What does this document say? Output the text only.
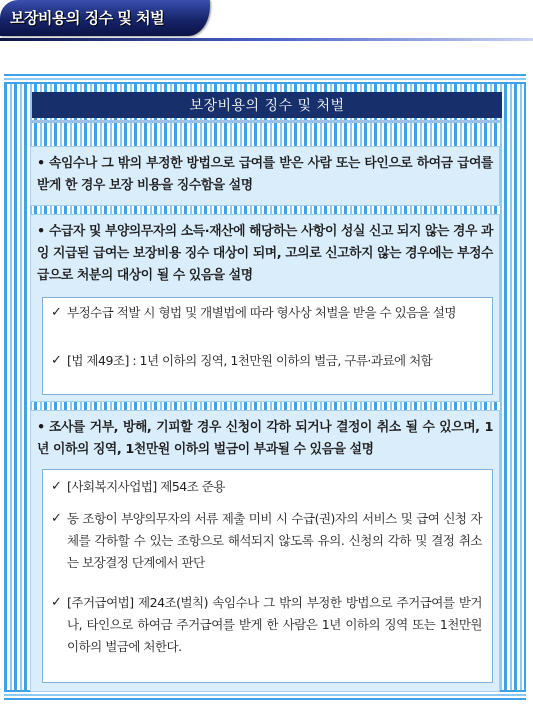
보장비용의 징수 및 처벌
보장비용의 징수 및 처벌
• 속임수나 그 밖의 부정한 방법으로 급여를 받은 사람 또는 타인으로 하여금 급여를 받게 한 경우 보장 비용을 징수함을 설명
• 수급자 및 부양의무자의 소득·재산에 해당하는 사항이 성실 신고 되지 않는 경우 과잉 지급된 급여는 보장비용 징수 대상이 되며, 고의로 신고하지 않는 경우에는 부정수급으로 처분의 대상이 될 수 있음을 설명
✓ 부정수급 적발 시 형법 및 개별법에 따라 형사상 처벌을 받을 수 있음을 설명
✓ [법 제49조] : 1년 이하의 징역, 1천만원 이하의 벌금, 구류·과료에 처함
• 조사를 거부, 방해, 기피할 경우 신청이 각하 되거나 결정이 취소 될 수 있으며, 1년 이하의 징역, 1천만원 이하의 벌금이 부과될 수 있음을 설명
✓ [사회복지사업법] 제54조 준용
✓ 동 조항이 부양의무자의 서류 제출 미비 시 수급(권)자의 서비스 및 급여 신청 자체를 각하할 수 있는 조항으로 해석되지 않도록 유의. 신청의 각하 및 결정 취소는 보장결정 단계에서 판단
✓ [주거급여법] 제24조(벌칙) 속임수나 그 밖의 부정한 방법으로 주거급여를 받거나, 타인으로 하여금 주거급여를 받게 한 사람은 1년 이하의 징역 또는 1천만원 이하의 벌금에 처한다.
